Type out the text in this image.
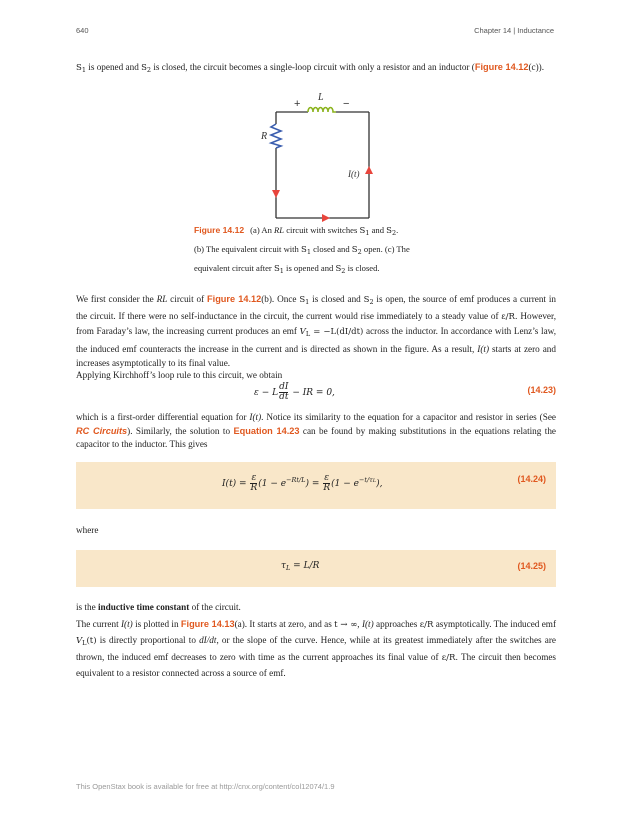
640	Chapter 14 | Inductance
$S_1$ is opened and $S_2$ is closed, the circuit becomes a single-loop circuit with only a resistor and an inductor (Figure 14.12(c)).
+
L
−
R
I(t)
Figure 14.12 (a) An RL circuit with switches $S_1$ and $S_2$.
(b) The equivalent circuit with $S_1$ closed and $S_2$ open. (c) The
equivalent circuit after $S_1$ is opened and $S_2$ is closed.
We first consider the RL circuit of Figure 14.12(b). Once $S_1$ is closed and $S_2$ is open, the source of emf produces a current in the circuit. If there were no self-inductance in the circuit, the current would rise immediately to a steady value of ε/R. However, from Faraday’s law, the increasing current produces an emf $V_L = -L(dI/dt)$ across the inductor. In accordance with Lenz’s law, the induced emf counteracts the increase in the current and is directed as shown in the figure. As a result, I(t) starts at zero and increases asymptotically to its final value.
Applying Kirchhoff’s loop rule to this circuit, we obtain
ε − L $\frac{dI}{dt}$ − IR = 0,	(14.23)
which is a first-order differential equation for I(t). Notice its similarity to the equation for a capacitor and resistor in series (See RC Circuits). Similarly, the solution to Equation 14.23 can be found by making substitutions in the equations relating the capacitor to the inductor. This gives
$I(t) = \frac{\varepsilon}{R} (1 - e^{-Rt/L}) = \frac{\varepsilon}{R} (1 - e^{-t/\tau L})$,	(14.24)
where
$\tau_L = L/R$	(14.25)
is the inductive time constant of the circuit.
The current I(t) is plotted in Figure 14.13(a). It starts at zero, and as t → ∞, I(t) approaches ε/R asymptotically. The induced emf $V_L(t)$ is directly proportional to dI/dt, or the slope of the curve. Hence, while at its greatest immediately after the switches are thrown, the induced emf decreases to zero with time as the current approaches its final value of ε/R. The circuit then becomes equivalent to a resistor connected across a source of emf.
This OpenStax book is available for free at http://cnx.org/content/col12074/1.9
